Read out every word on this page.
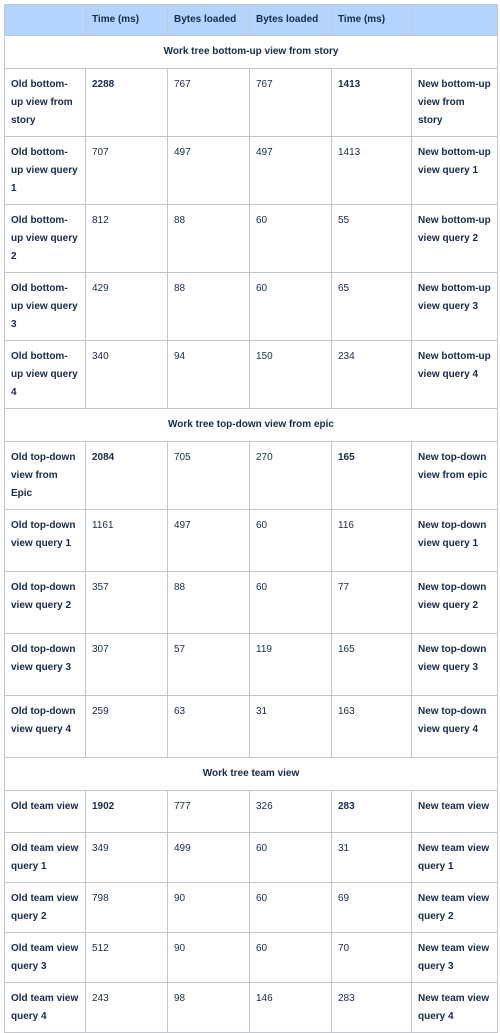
	Time (ms)	Bytes loaded	Bytes loaded	Time (ms)	
Work tree bottom-up view from story					
Old bottom-up view from story	2288	767	767	1413	New bottom-up view from story
Old bottom-up view query 1	707	497	497	1413	New bottom-up view query 1
Old bottom-up view query 2	812	88	60	55	New bottom-up view query 2
Old bottom-up view query 3	429	88	60	65	New bottom-up view query 3
Old bottom-up view query 4	340	94	150	234	New bottom-up view query 4
Work tree top-down view from epic					
Old top-down view from Epic	2084	705	270	165	New top-down view from epic
Old top-down view query 1	1161	497	60	116	New top-down view query 1
Old top-down view query 2	357	88	60	77	New top-down view query 2
Old top-down view query 3	307	57	119	165	New top-down view query 3
Old top-down view query 4	259	63	31	163	New top-down view query 4
Work tree team view					
Old team view	1902	777	326	283	New team view
Old team view query 1	349	499	60	31	New team view query 1
Old team view query 2	798	90	60	69	New team view query 2
Old team view query 3	512	90	60	70	New team view query 3
Old team view query 4	243	98	146	283	New team view query 4
